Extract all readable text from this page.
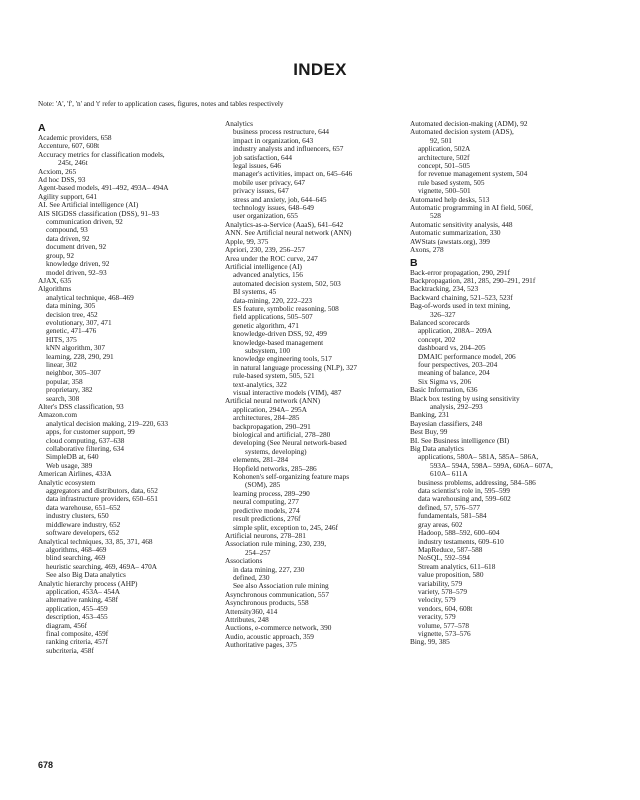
INDEX
Note: 'A', 'f', 'n' and 't' refer to application cases, figures, notes and tables respectively
A
Academic providers, 658
Accenture, 607, 608t
Accuracy metrics for classification models,
245t, 246t
Acxiom, 265
Ad hoc DSS, 93
Agent-based models, 491–492, 493A– 494A
Agility support, 641
AI. See Artificial intelligence (AI)
AIS SIGDSS classification (DSS), 91–93
communication driven, 92
compound, 93
data driven, 92
document driven, 92
group, 92
knowledge driven, 92
model driven, 92–93
AJAX, 635
Algorithms
analytical technique, 468–469
data mining, 305
decision tree, 452
evolutionary, 307, 471
genetic, 471–476
HITS, 375
kNN algorithm, 307
learning, 228, 290, 291
linear, 302
neighbor, 305–307
popular, 358
proprietary, 382
search, 308
Alter's DSS classification, 93
Amazon.com
analytical decision making, 219–220, 633
apps, for customer support, 99
cloud computing, 637–638
collaborative filtering, 634
SimpleDB at, 640
Web usage, 389
American Airlines, 433A
Analytic ecosystem
aggregators and distributors, data, 652
data infrastructure providers, 650–651
data warehouse, 651–652
industry clusters, 650
middleware industry, 652
software developers, 652
Analytical techniques, 33, 85, 371, 468
algorithms, 468–469
blind searching, 469
heuristic searching, 469, 469A– 470A
See also Big Data analytics
Analytic hierarchy process (AHP)
application, 453A– 454A
alternative ranking, 458f
application, 455–459
description, 453–455
diagram, 456f
final composite, 459f
ranking criteria, 457f
subcriteria, 458f
Analytics
business process restructure, 644
impact in organization, 643
industry analysts and influencers, 657
job satisfaction, 644
legal issues, 646
manager's activities, impact on, 645–646
mobile user privacy, 647
privacy issues, 647
stress and anxiety, job, 644–645
technology issues, 648–649
user organization, 655
Analytics-as-a-Service (AaaS), 641–642
ANN. See Artificial neural network (ANN)
Apple, 99, 375
Apriori, 230, 239, 256–257
Area under the ROC curve, 247
Artificial intelligence (AI)
advanced analytics, 156
automated decision system, 502, 503
BI systems, 45
data-mining, 220, 222–223
ES feature, symbolic reasoning, 508
field applications, 505–507
genetic algorithm, 471
knowledge-driven DSS, 92, 499
knowledge-based management
subsystem, 100
knowledge engineering tools, 517
in natural language processing (NLP), 327
rule-based system, 505, 521
text-analytics, 322
visual interactive models (VIM), 487
Artificial neural network (ANN)
application, 294A– 295A
architectures, 284–285
backpropagation, 290–291
biological and artificial, 278–280
developing (See Neural network-based
systems, developing)
elements, 281–284
Hopfield networks, 285–286
Kohonen's self-organizing feature maps
(SOM), 285
learning process, 289–290
neural computing, 277
predictive models, 274
result predictions, 276f
simple split, exception to, 245, 246f
Artificial neurons, 278–281
Association rule mining, 230, 239,
254–257
Associations
in data mining, 227, 230
defined, 230
See also Association rule mining
Asynchronous communication, 557
Asynchronous products, 558
Attensity360, 414
Attributes, 248
Auctions, e-commerce network, 390
Audio, acoustic approach, 359
Authoritative pages, 375
Automated decision-making (ADM), 92
Automated decision system (ADS),
92, 501
application, 502A
architecture, 502f
concept, 501–505
for revenue management system, 504
rule based system, 505
vignette, 500–501
Automated help desks, 513
Automatic programming in AI field, 506f,
528
Automatic sensitivity analysis, 448
Automatic summarization, 330
AWStats (awstats.org), 399
Axons, 278
B
Back-error propagation, 290, 291f
Backpropagation, 281, 285, 290–291, 291f
Backtracking, 234, 523
Backward chaining, 521–523, 523f
Bag-of-words used in text mining,
326–327
Balanced scorecards
application, 208A– 209A
concept, 202
dashboard vs, 204–205
DMAIC performance model, 206
four perspectives, 203–204
meaning of balance, 204
Six Sigma vs, 206
Basic Information, 636
Black box testing by using sensitivity
analysis, 292–293
Banking, 231
Bayesian classifiers, 248
Best Buy, 99
BI. See Business intelligence (BI)
Big Data analytics
applications, 580A– 581A, 585A– 586A,
593A– 594A, 598A– 599A, 606A– 607A,
610A– 611A
business problems, addressing, 584–586
data scientist's role in, 595–599
data warehousing and, 599–602
defined, 57, 576–577
fundamentals, 581–584
gray areas, 602
Hadoop, 588–592, 600–604
industry testaments, 609–610
MapReduce, 587–588
NoSQL, 592–594
Stream analytics, 611–618
value proposition, 580
variability, 579
variety, 578–579
velocity, 579
vendors, 604, 608t
veracity, 579
volume, 577–578
vignette, 573–576
Bing, 99, 385
678
